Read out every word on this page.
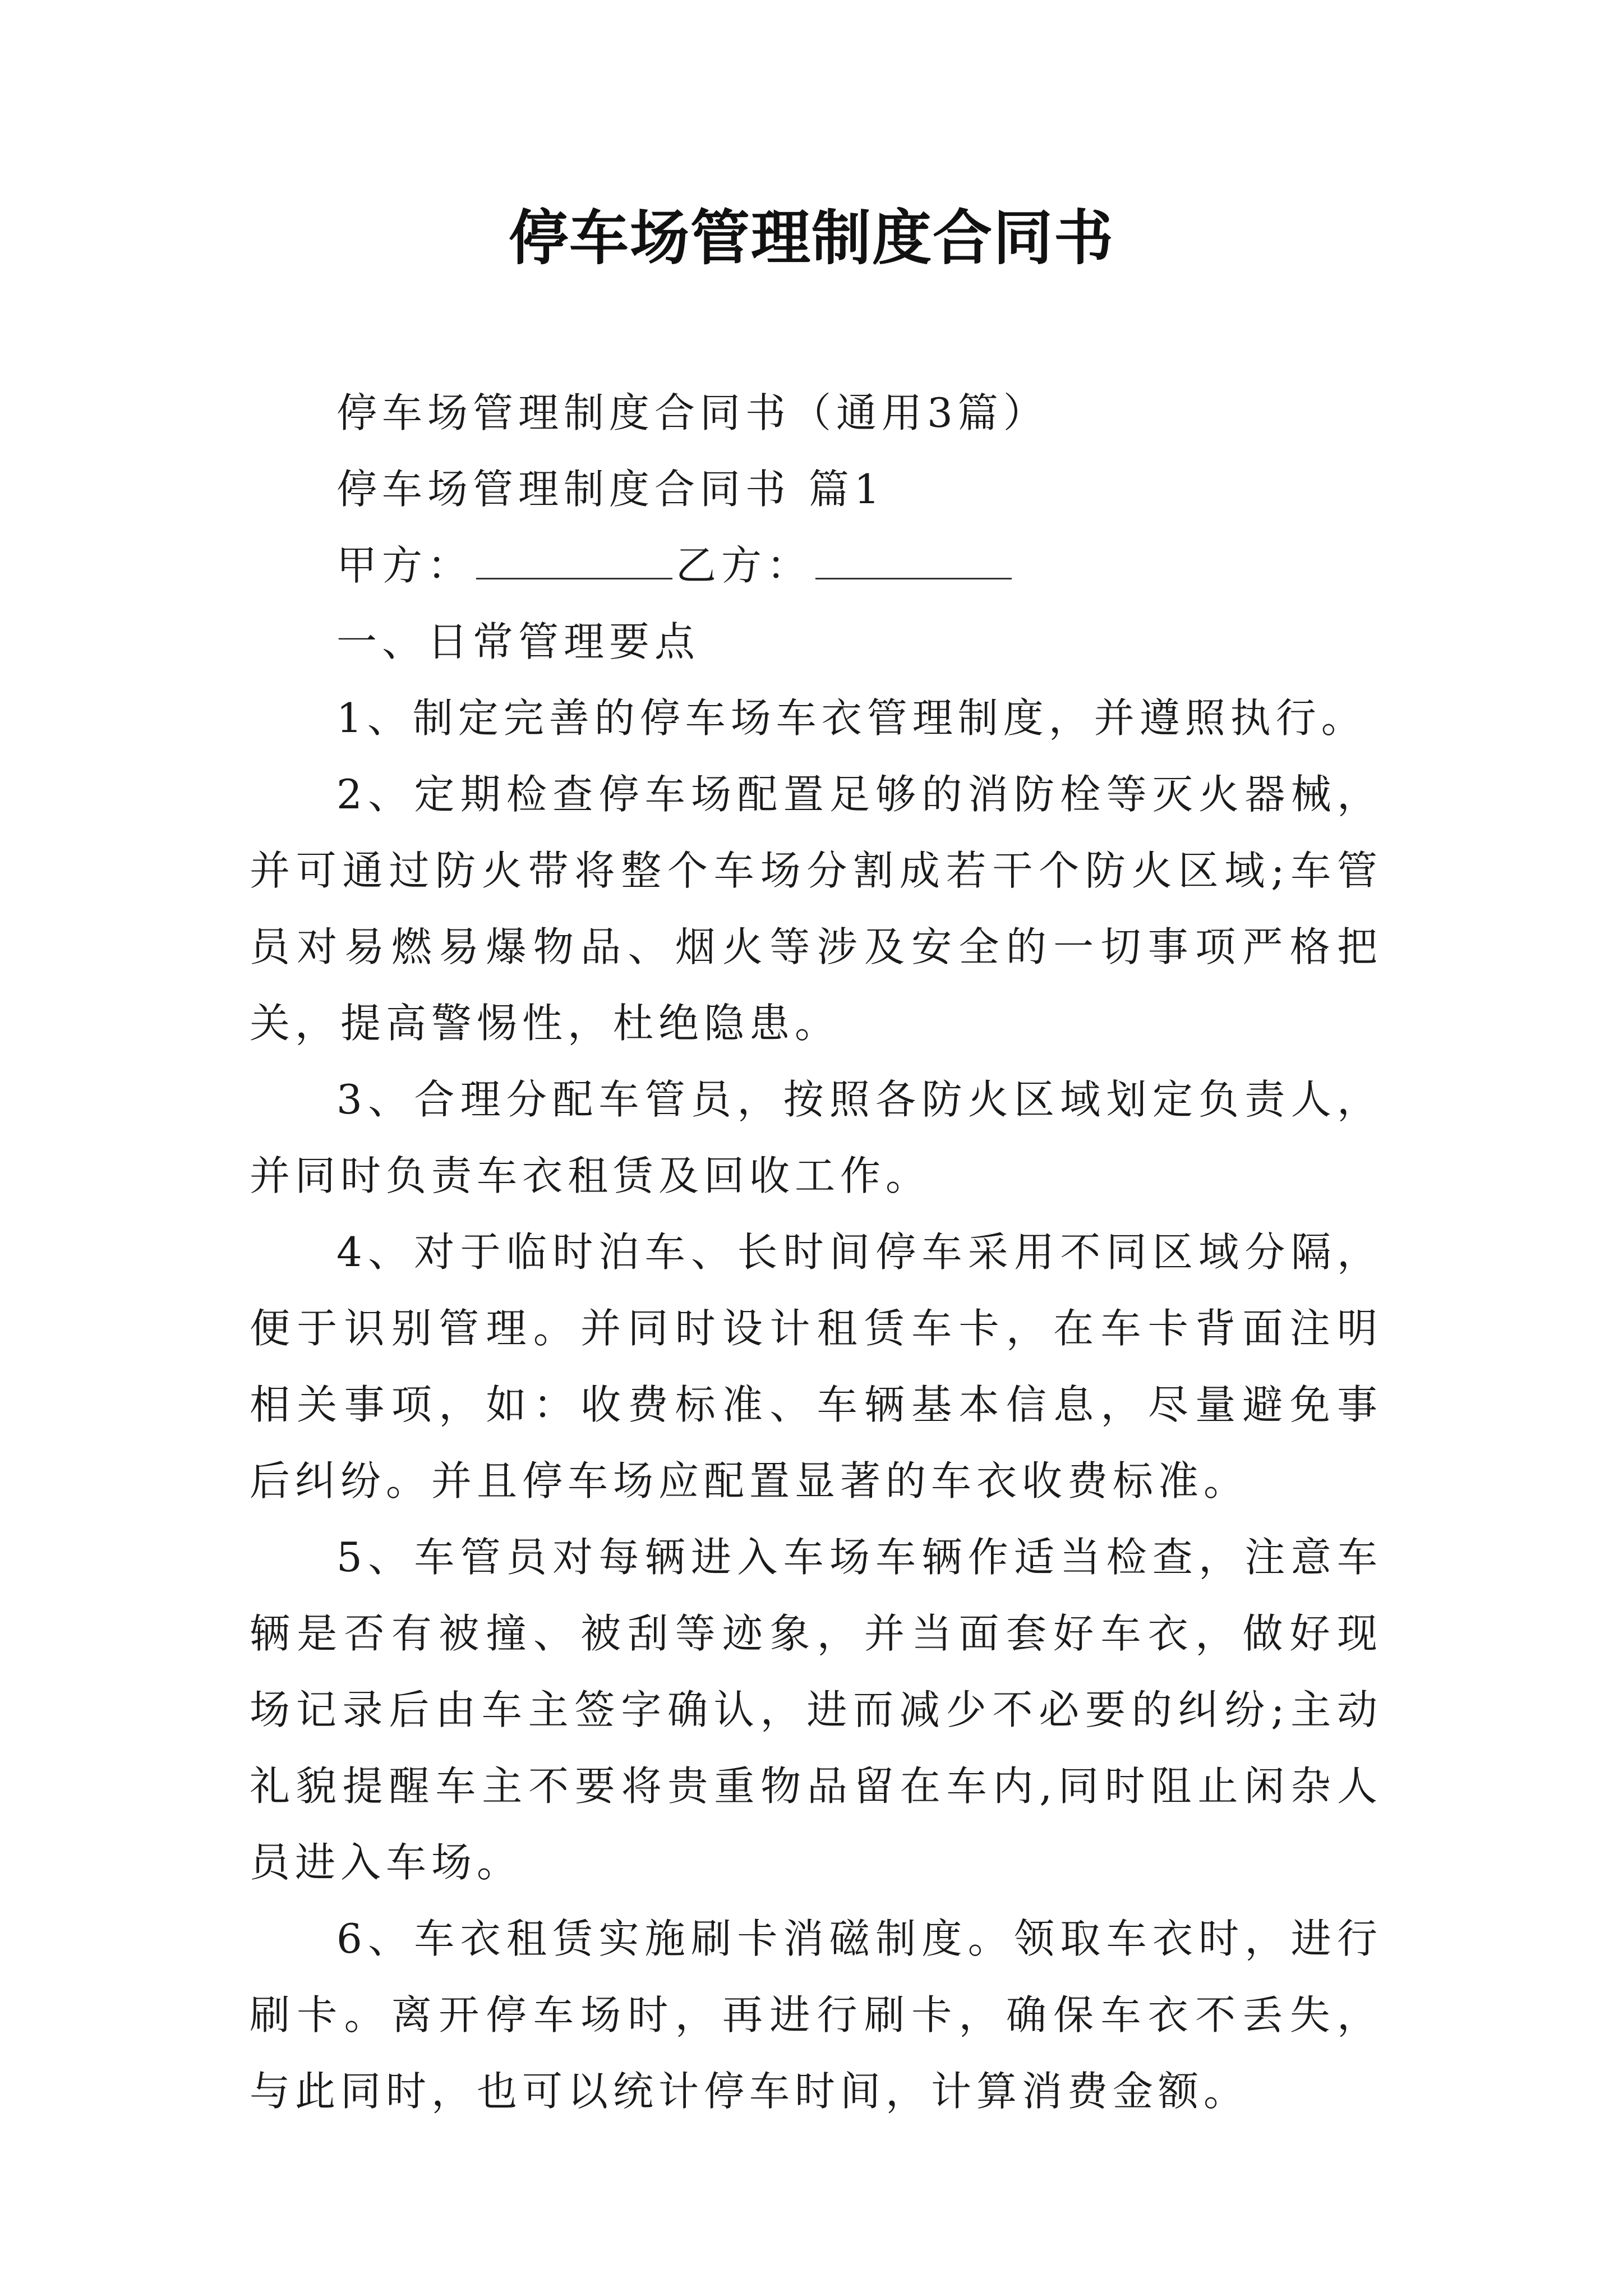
停车场管理制度合同书

停车场管理制度合同书（通用3篇）

停车场管理制度合同书 篇1

甲方：	乙方：

一、日常管理要点

1、制定完善的停车场车衣管理制度，并遵照执行。

2、定期检查停车场配置足够的消防栓等灭火器械，并可通过防火带将整个车场分割成若干个防火区域;车管员对易燃易爆物品、烟火等涉及安全的一切事项严格把关，提高警惕性，杜绝隐患。

3、合理分配车管员，按照各防火区域划定负责人，并同时负责车衣租赁及回收工作。

4、对于临时泊车、长时间停车采用不同区域分隔，便于识别管理。并同时设计租赁车卡，在车卡背面注明相关事项，如：收费标准、车辆基本信息，尽量避免事后纠纷。并且停车场应配置显著的车衣收费标准。

5、车管员对每辆进入车场车辆作适当检查，注意车辆是否有被撞、被刮等迹象，并当面套好车衣，做好现场记录后由车主签字确认，进而减少不必要的纠纷;主动礼貌提醒车主不要将贵重物品留在车内,同时阻止闲杂人员进入车场。

6、车衣租赁实施刷卡消磁制度。领取车衣时，进行刷卡。离开停车场时，再进行刷卡，确保车衣不丢失，与此同时，也可以统计停车时间，计算消费金额。
